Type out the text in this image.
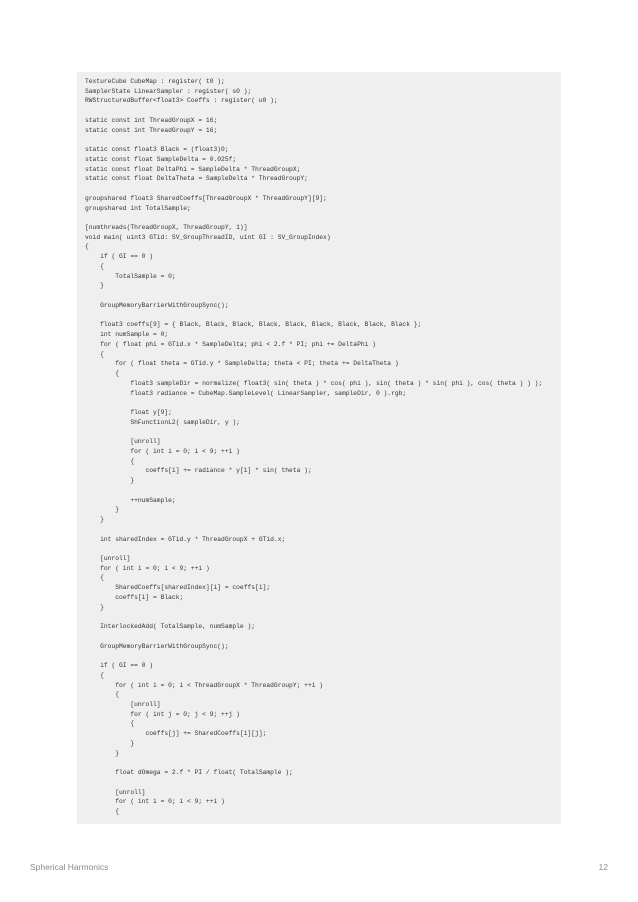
TextureCube CubeMap : register( t0 );
SamplerState LinearSampler : register( s0 );
RWStructuredBuffer<float3> Coeffs : register( u0 );
static const int ThreadGroupX = 16;
static const int ThreadGroupY = 16;
static const float3 Black = (float3)0;
static const float SampleDelta = 0.025f;
static const float DeltaPhi = SampleDelta * ThreadGroupX;
static const float DeltaTheta = SampleDelta * ThreadGroupY;
groupshared float3 SharedCoeffs[ThreadGroupX * ThreadGroupY][9];
groupshared int TotalSample;
[numthreads(ThreadGroupX, ThreadGroupY, 1)]
void main( uint3 GTid: SV_GroupThreadID, uint GI : SV_GroupIndex)
{
if ( GI == 0 )
{
TotalSample = 0;
}
GroupMemoryBarrierWithGroupSync();
float3 coeffs[9] = { Black, Black, Black, Black, Black, Black, Black, Black, Black };
int numSample = 0;
for ( float phi = GTid.x * SampleDelta; phi < 2.f * PI; phi += DeltaPhi )
{
for ( float theta = GTid.y * SampleDelta; theta < PI; theta += DeltaTheta )
{
float3 sampleDir = normalize( float3( sin( theta ) * cos( phi ), sin( theta ) * sin( phi ), cos( theta ) ) );
float3 radiance = CubeMap.SampleLevel( LinearSampler, sampleDir, 0 ).rgb;
float y[9];
ShFunctionL2( sampleDir, y );
[unroll]
for ( int i = 0; i < 9; ++i )
{
coeffs[i] += radiance * y[i] * sin( theta );
}
++numSample;
}
}
int sharedIndex = GTid.y * ThreadGroupX + GTid.x;
[unroll]
for ( int i = 0; i < 9; ++i )
{
SharedCoeffs[sharedIndex][i] = coeffs[i];
coeffs[i] = Black;
}
InterlockedAdd( TotalSample, numSample );
GroupMemoryBarrierWithGroupSync();
if ( GI == 0 )
{
for ( int i = 0; i < ThreadGroupX * ThreadGroupY; ++i )
{
[unroll]
for ( int j = 0; j < 9; ++j )
{
coeffs[j] += SharedCoeffs[i][j];
}
}
float dOmega = 2.f * PI / float( TotalSample );
[unroll]
for ( int i = 0; i < 9; ++i )
{
Spherical Harmonics	12
